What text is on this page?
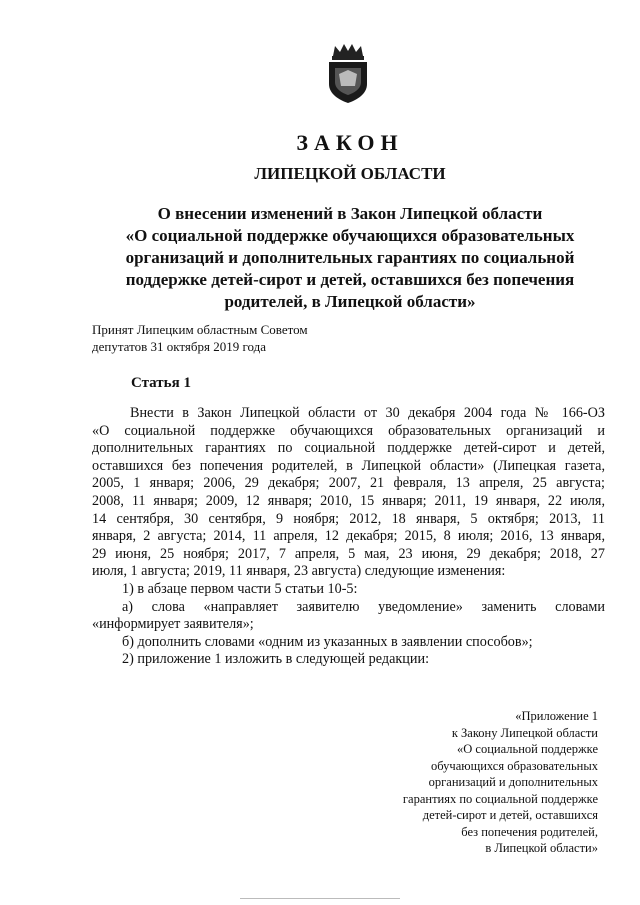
ЗАКОН
ЛИПЕЦКОЙ ОБЛАСТИ
О внесении изменений в Закон Липецкой области
«О социальной поддержке обучающихся образовательных
организаций и дополнительных гарантиях по социальной
поддержке детей-сирот и детей, оставшихся без попечения
родителей, в Липецкой области»
Принят Липецким областным Советом
депутатов 31 октября 2019 года
Статья 1
Внести в Закон Липецкой области от 30 декабря 2004 года № 166-ОЗ
«О социальной поддержке обучающихся образовательных организаций и
дополнительных гарантиях по социальной поддержке детей-сирот и детей,
оставшихся без попечения родителей, в Липецкой области» (Липецкая газета,
2005, 1 января; 2006, 29 декабря; 2007, 21 февраля, 13 апреля, 25 августа;
2008, 11 января; 2009, 12 января; 2010, 15 января; 2011, 19 января, 22 июля,
14 сентября, 30 сентября, 9 ноября; 2012, 18 января, 5 октября; 2013, 11
января, 2 августа; 2014, 11 апреля, 12 декабря; 2015, 8 июля; 2016, 13 января,
29 июня, 25 ноября; 2017, 7 апреля, 5 мая, 23 июня, 29 декабря; 2018, 27
июля, 1 августа; 2019, 11 января, 23 августа) следующие изменения:
1) в абзаце первом части 5 статьи 10-5:
а) слова «направляет заявителю уведомление» заменить словами
«информирует заявителя»;
б) дополнить словами «одним из указанных в заявлении способов»;
2) приложение 1 изложить в следующей редакции:
«Приложение 1
к Закону Липецкой области
«О социальной поддержке
обучающихся образовательных
организаций и дополнительных
гарантиях по социальной поддержке
детей-сирот и детей, оставшихся
без попечения родителей,
в Липецкой области»
